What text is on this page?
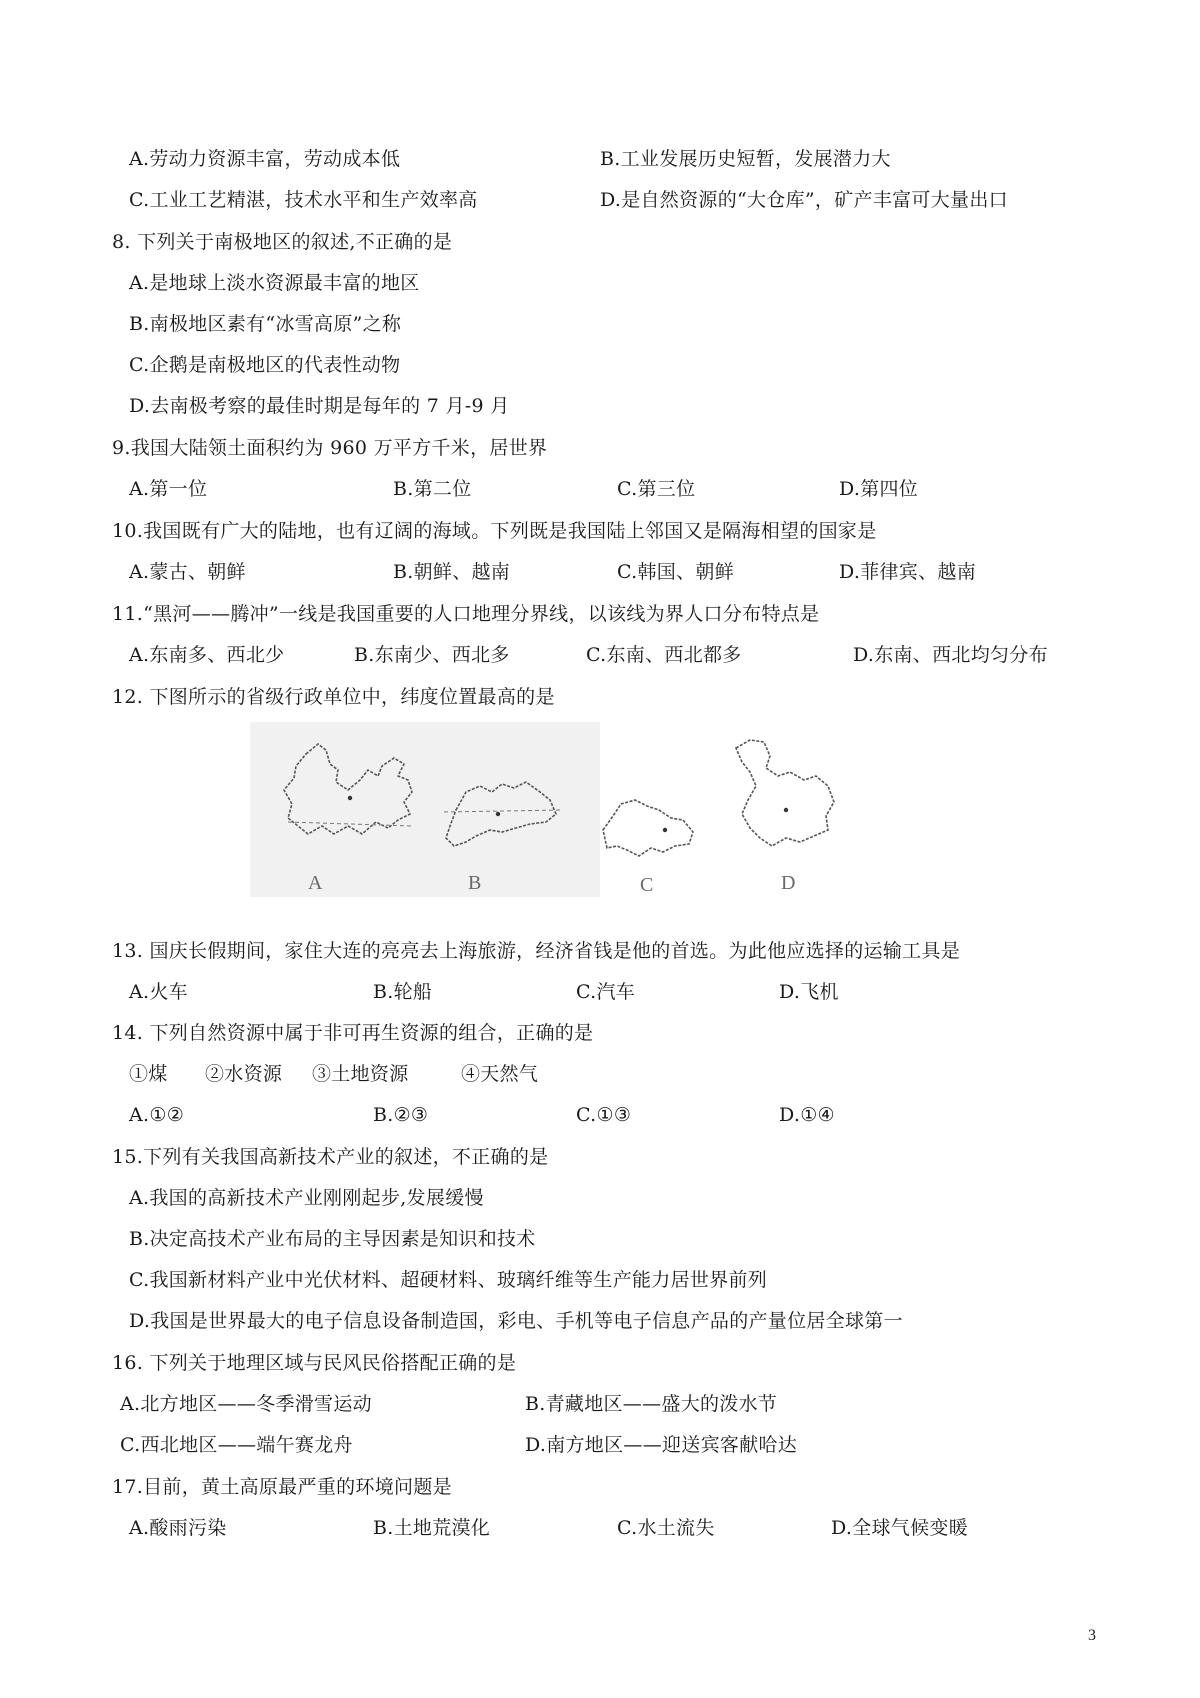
A.劳动力资源丰富，劳动成本低	B.工业发展历史短暂，发展潜力大
C.工业工艺精湛，技术水平和生产效率高	D.是自然资源的“大仓库”，矿产丰富可大量出口
8. 下列关于南极地区的叙述,不正确的是
A.是地球上淡水资源最丰富的地区
B.南极地区素有“冰雪高原”之称
C.企鹅是南极地区的代表性动物
D.去南极考察的最佳时期是每年的 7 月-9 月
9.我国大陆领土面积约为 960 万平方千米，居世界
A.第一位	B.第二位	C.第三位	D.第四位
10.我国既有广大的陆地，也有辽阔的海域。下列既是我国陆上邻国又是隔海相望的国家是
A.蒙古、朝鲜	B.朝鲜、越南	C.韩国、朝鲜	D.菲律宾、越南
11.“黑河——腾冲”一线是我国重要的人口地理分界线，以该线为界人口分布特点是
A.东南多、西北少	B.东南少、西北多	C.东南、西北都多	D.东南、西北均匀分布
12. 下图所示的省级行政单位中，纬度位置最高的是
A	B	C	D
13. 国庆长假期间，家住大连的亮亮去上海旅游，经济省钱是他的首选。为此他应选择的运输工具是
A.火车	B.轮船	C.汽车	D.飞机
14. 下列自然资源中属于非可再生资源的组合，正确的是
①煤 ②水资源 ③土地资源	④天然气
A.①②	B.②③	C.①③	D.①④
15.下列有关我国高新技术产业的叙述，不正确的是
A.我国的高新技术产业刚刚起步,发展缓慢
B.决定高技术产业布局的主导因素是知识和技术
C.我国新材料产业中光伏材料、超硬材料、玻璃纤维等生产能力居世界前列
D.我国是世界最大的电子信息设备制造国，彩电、手机等电子信息产品的产量位居全球第一
16. 下列关于地理区域与民风民俗搭配正确的是
A.北方地区——冬季滑雪运动	B.青藏地区——盛大的泼水节
C.西北地区——端午赛龙舟	D.南方地区——迎送宾客献哈达
17.目前，黄土高原最严重的环境问题是
A.酸雨污染	B.土地荒漠化	C.水土流失	D.全球气候变暖
3
